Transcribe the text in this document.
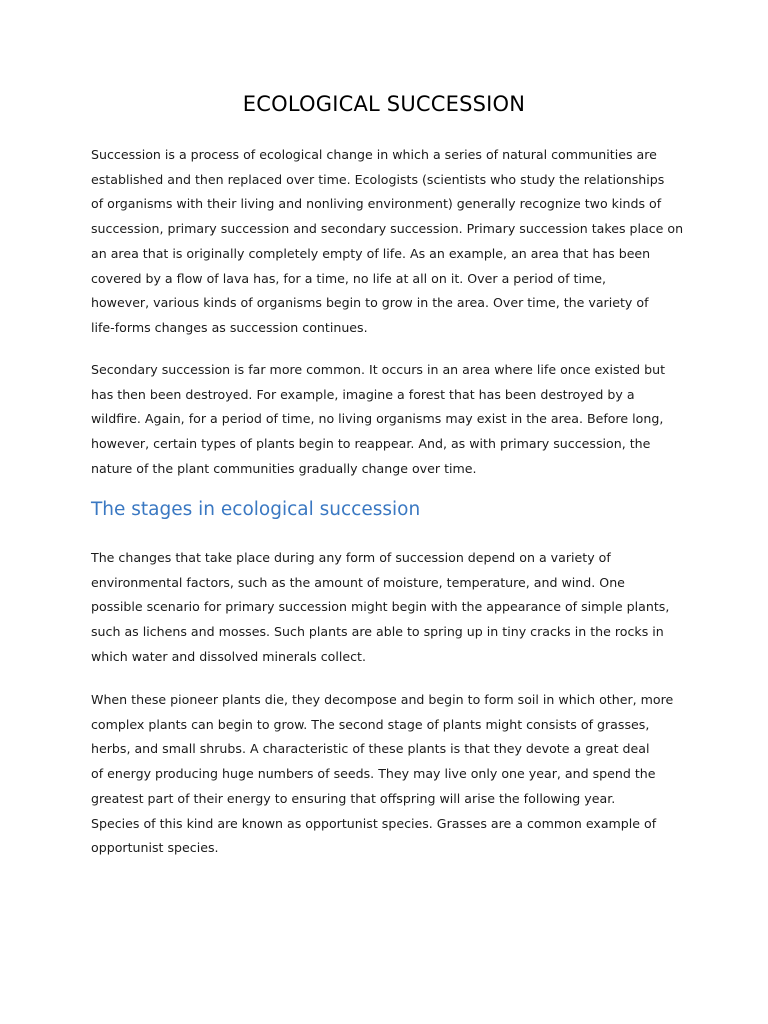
ECOLOGICAL SUCCESSION

Succession is a process of ecological change in which a series of natural communities are
established and then replaced over time. Ecologists (scientists who study the relationships
of organisms with their living and nonliving environment) generally recognize two kinds of
succession, primary succession and secondary succession. Primary succession takes place on
an area that is originally completely empty of life. As an example, an area that has been
covered by a flow of lava has, for a time, no life at all on it. Over a period of time,
however, various kinds of organisms begin to grow in the area. Over time, the variety of
life-forms changes as succession continues.

Secondary succession is far more common. It occurs in an area where life once existed but
has then been destroyed. For example, imagine a forest that has been destroyed by a
wildfire. Again, for a period of time, no living organisms may exist in the area. Before long,
however, certain types of plants begin to reappear. And, as with primary succession, the
nature of the plant communities gradually change over time.

The stages in ecological succession

The changes that take place during any form of succession depend on a variety of
environmental factors, such as the amount of moisture, temperature, and wind. One
possible scenario for primary succession might begin with the appearance of simple plants,
such as lichens and mosses. Such plants are able to spring up in tiny cracks in the rocks in
which water and dissolved minerals collect.

When these pioneer plants die, they decompose and begin to form soil in which other, more
complex plants can begin to grow. The second stage of plants might consists of grasses,
herbs, and small shrubs. A characteristic of these plants is that they devote a great deal
of energy producing huge numbers of seeds. They may live only one year, and spend the
greatest part of their energy to ensuring that offspring will arise the following year.
Species of this kind are known as opportunist species. Grasses are a common example of
opportunist species.
